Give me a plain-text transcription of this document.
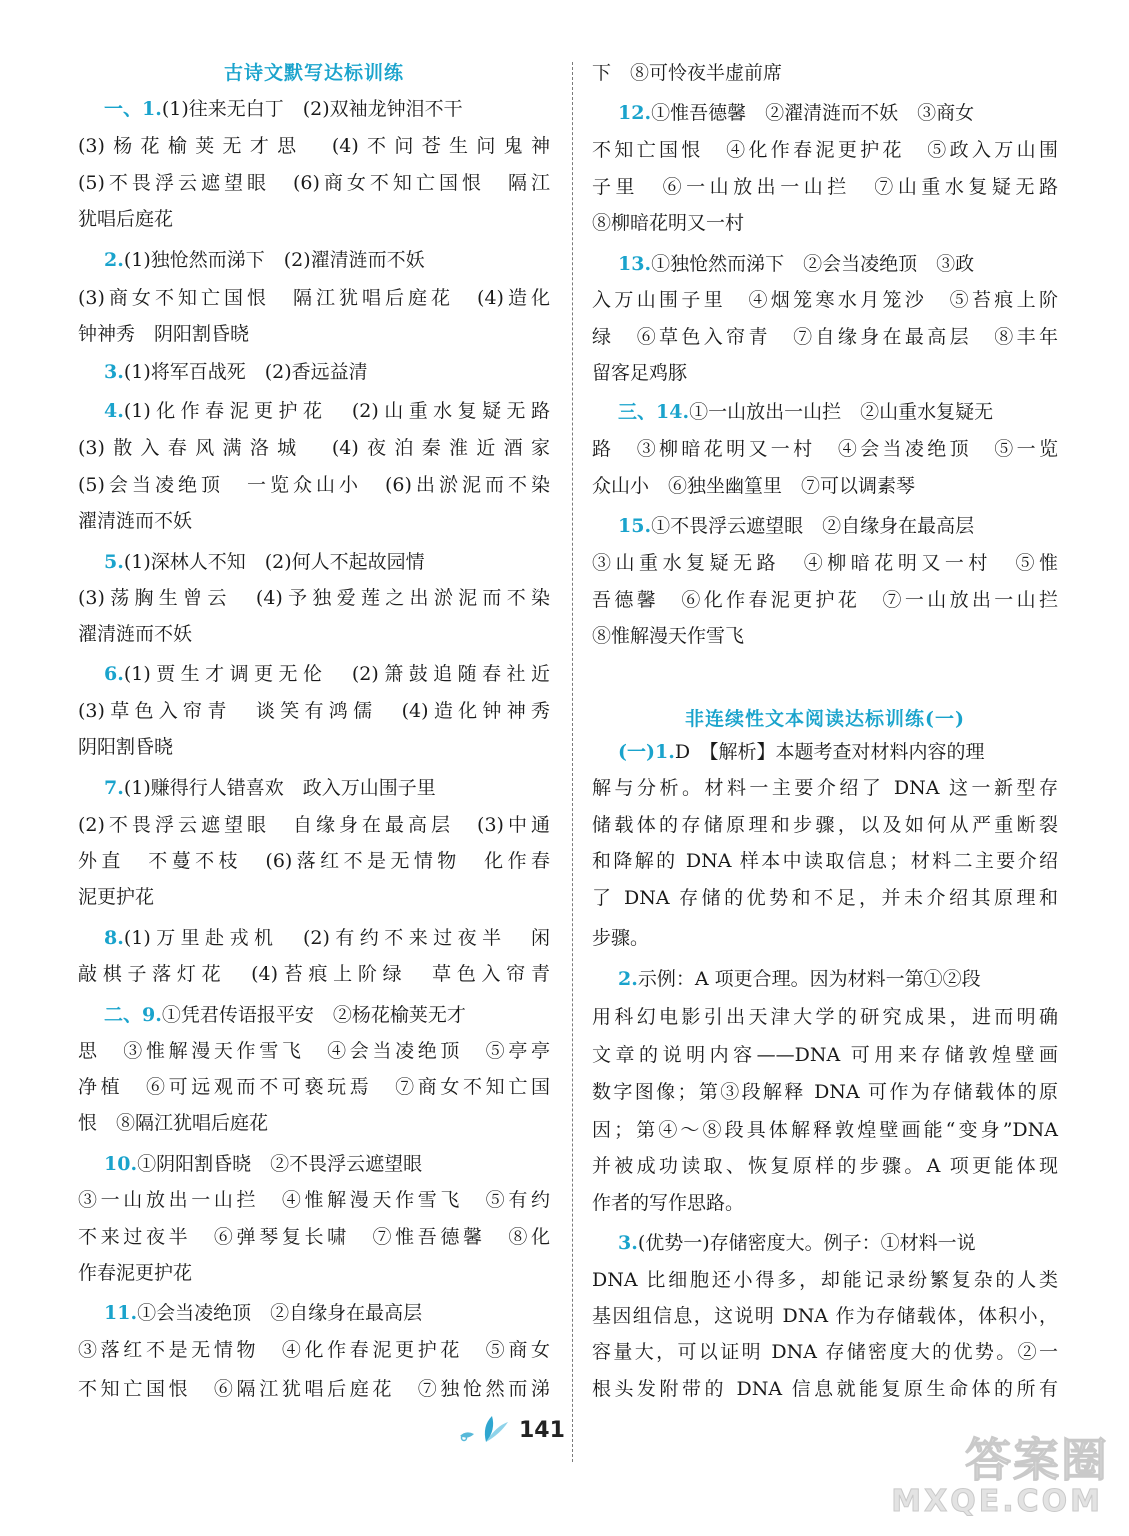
古诗文默写达标训练
一、1.(1)往来无白丁　(2)双袖龙钟泪不干
(3)杨花榆荚无才思　(4)不问苍生问鬼神
(5)不畏浮云遮望眼　(6)商女不知亡国恨　隔江
犹唱后庭花
2.(1)独怆然而涕下　(2)濯清涟而不妖
(3)商女不知亡国恨　隔江犹唱后庭花　(4)造化
钟神秀　阴阳割昏晓
3.(1)将军百战死　(2)香远益清
4.(1)化作春泥更护花　(2)山重水复疑无路
(3)散入春风满洛城　(4)夜泊秦淮近酒家
(5)会当凌绝顶　一览众山小　(6)出淤泥而不染
濯清涟而不妖
5.(1)深林人不知　(2)何人不起故园情
(3)荡胸生曾云　(4)予独爱莲之出淤泥而不染
濯清涟而不妖
6.(1)贾生才调更无伦　(2)箫鼓追随春社近
(3)草色入帘青　谈笑有鸿儒　(4)造化钟神秀
阴阳割昏晓
7.(1)赚得行人错喜欢　政入万山围子里
(2)不畏浮云遮望眼　自缘身在最高层　(3)中通
外直　不蔓不枝　(6)落红不是无情物　化作春
泥更护花
8.(1)万里赴戎机　(2)有约不来过夜半　闲
敲棋子落灯花　(4)苔痕上阶绿　草色入帘青
二、9.①凭君传语报平安　②杨花榆荚无才
思　③惟解漫天作雪飞　④会当凌绝顶　⑤亭亭
净植　⑥可远观而不可亵玩焉　⑦商女不知亡国
恨　⑧隔江犹唱后庭花
10.①阴阳割昏晓　②不畏浮云遮望眼
③一山放出一山拦　④惟解漫天作雪飞　⑤有约
不来过夜半　⑥弹琴复长啸　⑦惟吾德馨　⑧化
作春泥更护花
11.①会当凌绝顶　②自缘身在最高层
③落红不是无情物　④化作春泥更护花　⑤商女
不知亡国恨　⑥隔江犹唱后庭花　⑦独怆然而涕
下　⑧可怜夜半虚前席
12.①惟吾德馨　②濯清涟而不妖　③商女
不知亡国恨　④化作春泥更护花　⑤政入万山围
子里　⑥一山放出一山拦　⑦山重水复疑无路
⑧柳暗花明又一村
13.①独怆然而涕下　②会当凌绝顶　③政
入万山围子里　④烟笼寒水月笼沙　⑤苔痕上阶
绿　⑥草色入帘青　⑦自缘身在最高层　⑧丰年
留客足鸡豚
三、14.①一山放出一山拦　②山重水复疑无
路　③柳暗花明又一村　④会当凌绝顶　⑤一览
众山小　⑥独坐幽篁里　⑦可以调素琴
15.①不畏浮云遮望眼　②自缘身在最高层
③山重水复疑无路　④柳暗花明又一村　⑤惟
吾德馨　⑥化作春泥更护花　⑦一山放出一山拦
⑧惟解漫天作雪飞
非连续性文本阅读达标训练(一)
(一)1.D　【解析】本题考查对材料内容的理
解与分析。材料一主要介绍了 DNA 这一新型存
储载体的存储原理和步骤，以及如何从严重断裂
和降解的 DNA 样本中读取信息；材料二主要介绍
了 DNA 存储的优势和不足，并未介绍其原理和
步骤。
2.示例：A 项更合理。因为材料一第①②段
用科幻电影引出天津大学的研究成果，进而明确
文章的说明内容——DNA 可用来存储敦煌壁画
数字图像；第③段解释 DNA 可作为存储载体的原
因；第④～⑧段具体解释敦煌壁画能“变身”DNA
并被成功读取、恢复原样的步骤。A 项更能体现
作者的写作思路。
3.(优势一)存储密度大。例子：①材料一说
DNA 比细胞还小得多，却能记录纷繁复杂的人类
基因组信息，这说明 DNA 作为存储载体，体积小，
容量大，可以证明 DNA 存储密度大的优势。②一
根头发附带的 DNA 信息就能复原生命体的所有
141
答案圈
MXQE.COM
